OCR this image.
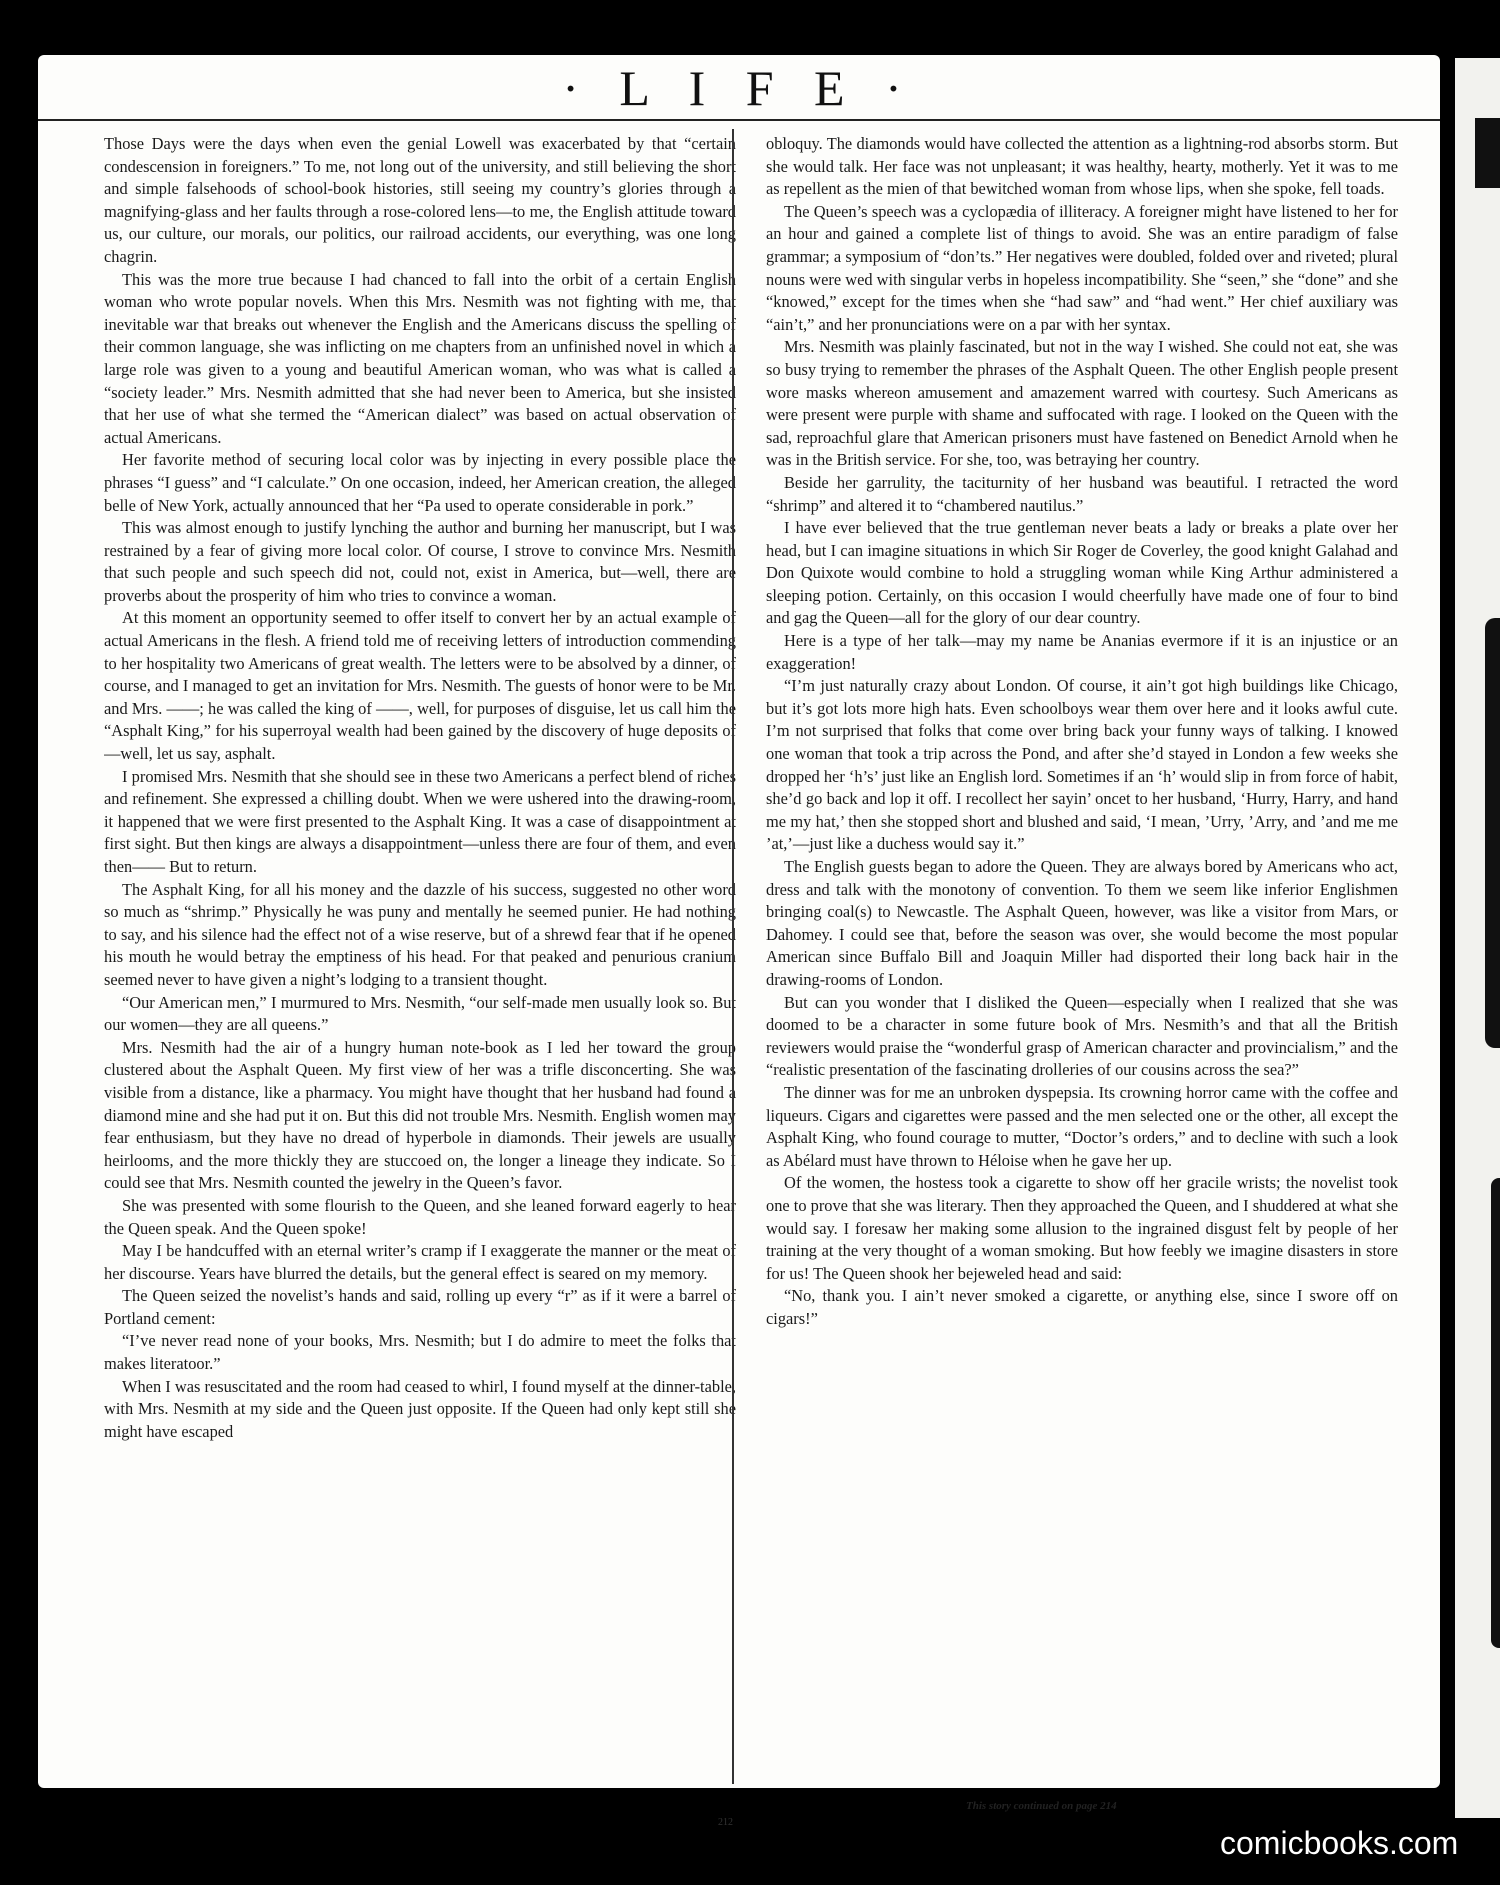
· L I F E ·

Those Days were the days when even the genial Lowell was exacerbated by that “certain condescension in foreigners.” To me, not long out of the university, and still believing the short and simple falsehoods of school-book histories, still seeing my country’s glories through a magnifying-glass and her faults through a rose-colored lens—to me, the English attitude toward us, our culture, our morals, our politics, our railroad accidents, our everything, was one long chagrin.

This was the more true because I had chanced to fall into the orbit of a certain English woman who wrote popular novels. When this Mrs. Nesmith was not fighting with me, that inevitable war that breaks out whenever the English and the Americans discuss the spelling of their common language, she was inflicting on me chapters from an unfinished novel in which a large role was given to a young and beautiful American woman, who was what is called a “society leader.” Mrs. Nesmith admitted that she had never been to America, but she insisted that her use of what she termed the “American dialect” was based on actual observation of actual Americans.

Her favorite method of securing local color was by injecting in every possible place the phrases “I guess” and “I calculate.” On one occasion, indeed, her American creation, the alleged belle of New York, actually announced that her “Pa used to operate considerable in pork.”

This was almost enough to justify lynching the author and burning her manuscript, but I was restrained by a fear of giving more local color. Of course, I strove to convince Mrs. Nesmith that such people and such speech did not, could not, exist in America, but—well, there are proverbs about the prosperity of him who tries to convince a woman.

At this moment an opportunity seemed to offer itself to convert her by an actual example of actual Americans in the flesh. A friend told me of receiving letters of introduction commending to her hospitality two Americans of great wealth. The letters were to be absolved by a dinner, of course, and I managed to get an invitation for Mrs. Nesmith. The guests of honor were to be Mr. and Mrs. ——; he was called the king of ——, well, for purposes of disguise, let us call him the “Asphalt King,” for his superroyal wealth had been gained by the discovery of huge deposits of—well, let us say, asphalt.

I promised Mrs. Nesmith that she should see in these two Americans a perfect blend of riches and refinement. She expressed a chilling doubt. When we were ushered into the drawing-room, it happened that we were first presented to the Asphalt King. It was a case of disappointment at first sight. But then kings are always a disappointment—unless there are four of them, and even then—— But to return.

The Asphalt King, for all his money and the dazzle of his success, suggested no other word so much as “shrimp.” Physically he was puny and mentally he seemed punier. He had nothing to say, and his silence had the effect not of a wise reserve, but of a shrewd fear that if he opened his mouth he would betray the emptiness of his head. For that peaked and penurious cranium seemed never to have given a night’s lodging to a transient thought.

“Our American men,” I murmured to Mrs. Nesmith, “our self-made men usually look so. But our women—they are all queens.”

Mrs. Nesmith had the air of a hungry human note-book as I led her toward the group clustered about the Asphalt Queen. My first view of her was a trifle disconcerting. She was visible from a distance, like a pharmacy. You might have thought that her husband had found a diamond mine and she had put it on. But this did not trouble Mrs. Nesmith. English women may fear enthusiasm, but they have no dread of hyperbole in diamonds. Their jewels are usually heirlooms, and the more thickly they are stuccoed on, the longer a lineage they indicate. So I could see that Mrs. Nesmith counted the jewelry in the Queen’s favor.

She was presented with some flourish to the Queen, and she leaned forward eagerly to hear the Queen speak. And the Queen spoke!

May I be handcuffed with an eternal writer’s cramp if I exaggerate the manner or the meat of her discourse. Years have blurred the details, but the general effect is seared on my memory.

The Queen seized the novelist’s hands and said, rolling up every “r” as if it were a barrel of Portland cement:

“I’ve never read none of your books, Mrs. Nesmith; but I do admire to meet the folks that makes literatoor.”

When I was resuscitated and the room had ceased to whirl, I found myself at the dinner-table, with Mrs. Nesmith at my side and the Queen just opposite. If the Queen had only kept still she might have escaped

obloquy. The diamonds would have collected the attention as a lightning-rod absorbs storm. But she would talk. Her face was not unpleasant; it was healthy, hearty, motherly. Yet it was to me as repellent as the mien of that bewitched woman from whose lips, when she spoke, fell toads.

The Queen’s speech was a cyclopædia of illiteracy. A foreigner might have listened to her for an hour and gained a complete list of things to avoid. She was an entire paradigm of false grammar; a symposium of “don’ts.” Her negatives were doubled, folded over and riveted; plural nouns were wed with singular verbs in hopeless incompatibility. She “seen,” she “done” and she “knowed,” except for the times when she “had saw” and “had went.” Her chief auxiliary was “ain’t,” and her pronunciations were on a par with her syntax.

Mrs. Nesmith was plainly fascinated, but not in the way I wished. She could not eat, she was so busy trying to remember the phrases of the Asphalt Queen. The other English people present wore masks whereon amusement and amazement warred with courtesy. Such Americans as were present were purple with shame and suffocated with rage. I looked on the Queen with the sad, reproachful glare that American prisoners must have fastened on Benedict Arnold when he was in the British service. For she, too, was betraying her country.

Beside her garrulity, the taciturnity of her husband was beautiful. I retracted the word “shrimp” and altered it to “chambered nautilus.”

I have ever believed that the true gentleman never beats a lady or breaks a plate over her head, but I can imagine situations in which Sir Roger de Coverley, the good knight Galahad and Don Quixote would combine to hold a struggling woman while King Arthur administered a sleeping potion. Certainly, on this occasion I would cheerfully have made one of four to bind and gag the Queen—all for the glory of our dear country.

Here is a type of her talk—may my name be Ananias evermore if it is an injustice or an exaggeration!

“I’m just naturally crazy about London. Of course, it ain’t got high buildings like Chicago, but it’s got lots more high hats. Even schoolboys wear them over here and it looks awful cute. I’m not surprised that folks that come over bring back your funny ways of talking. I knowed one woman that took a trip across the Pond, and after she’d stayed in London a few weeks she dropped her ‘h’s’ just like an English lord. Sometimes if an ‘h’ would slip in from force of habit, she’d go back and lop it off. I recollect her sayin’ oncet to her husband, ‘Hurry, Harry, and hand me my hat,’ then she stopped short and blushed and said, ‘I mean, ’Urry, ’Arry, and ’and me me ’at,’—just like a duchess would say it.”

The English guests began to adore the Queen. They are always bored by Americans who act, dress and talk with the monotony of convention. To them we seem like inferior Englishmen bringing coal(s) to Newcastle. The Asphalt Queen, however, was like a visitor from Mars, or Dahomey. I could see that, before the season was over, she would become the most popular American since Buffalo Bill and Joaquin Miller had disported their long back hair in the drawing-rooms of London.

But can you wonder that I disliked the Queen—especially when I realized that she was doomed to be a character in some future book of Mrs. Nesmith’s and that all the British reviewers would praise the “wonderful grasp of American character and provincialism,” and the “realistic presentation of the fascinating drolleries of our cousins across the sea?”

The dinner was for me an unbroken dyspepsia. Its crowning horror came with the coffee and liqueurs. Cigars and cigarettes were passed and the men selected one or the other, all except the Asphalt King, who found courage to mutter, “Doctor’s orders,” and to decline with such a look as Abélard must have thrown to Héloise when he gave her up.

Of the women, the hostess took a cigarette to show off her gracile wrists; the novelist took one to prove that she was literary. Then they approached the Queen, and I shuddered at what she would say. I foresaw her making some allusion to the ingrained disgust felt by people of her training at the very thought of a woman smoking. But how feebly we imagine disasters in store for us! The Queen shook her bejeweled head and said:

“No, thank you. I ain’t never smoked a cigarette, or anything else, since I swore off on cigars!”

This story continued on page 214
212
comicbooks.com
